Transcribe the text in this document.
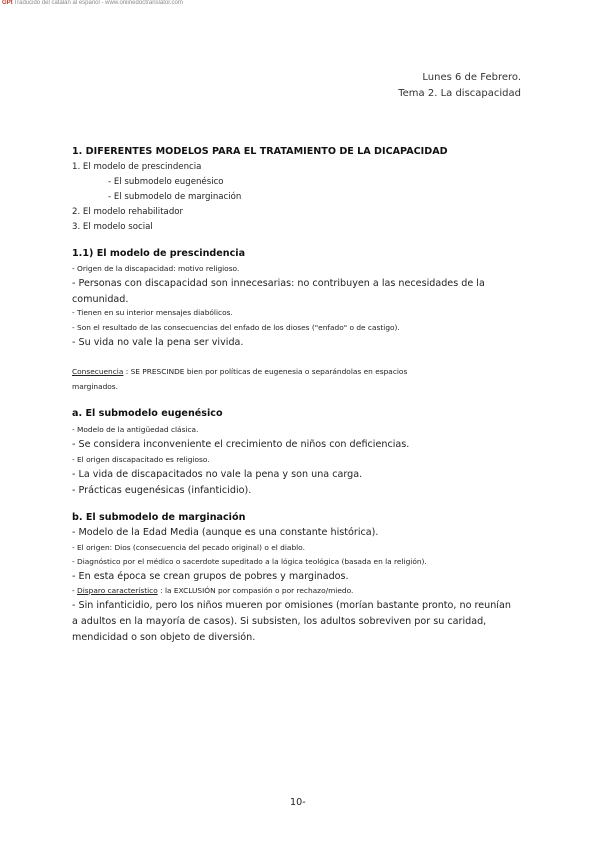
GPtTraducido del catalán al español - www.onlinedoctranslator.com
Lunes 6 de Febrero.
Tema 2. La discapacidad
1. DIFERENTES MODELOS PARA EL TRATAMIENTO DE LA DICAPACIDAD
1. El modelo de prescindencia
- El submodelo eugenésico
- El submodelo de marginación
2. El modelo rehabilitador
3. El modelo social
1.1) El modelo de prescindencia
- Origen de la discapacidad: motivo religioso.
- Personas con discapacidad son innecesarias: no contribuyen a las necesidades de la
comunidad.
- Tienen en su interior mensajes diabólicos.
- Son el resultado de las consecuencias del enfado de los dioses ("enfado" o de castigo).
- Su vida no vale la pena ser vivida.
Consecuencia : SE PRESCINDE bien por políticas de eugenesia o separándolas en espacios
marginados.
a. El submodelo eugenésico
- Modelo de la antigüedad clásica.
- Se considera inconveniente el crecimiento de niños con deficiencias.
- El origen discapacitado es religioso.
- La vida de discapacitados no vale la pena y son una carga.
- Prácticas eugenésicas (infanticidio).
b. El submodelo de marginación
- Modelo de la Edad Media (aunque es una constante histórica).
- El origen: Dios (consecuencia del pecado original) o el diablo.
- Diagnóstico por el médico o sacerdote supeditado a la lógica teológica (basada en la religión).
- En esta época se crean grupos de pobres y marginados.
- Disparo característico : la EXCLUSIÓN por compasión o por rechazo/miedo.
- Sin infanticidio, pero los niños mueren por omisiones (morían bastante pronto, no reunían
a adultos en la mayoría de casos). Si subsisten, los adultos sobreviven por su caridad,
mendicidad o son objeto de diversión.
10-
